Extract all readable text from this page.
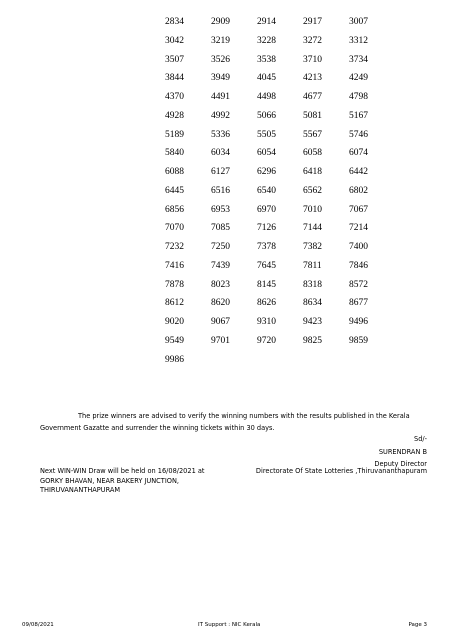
2834	2909	2914	2917	3007
3042	3219	3228	3272	3312
3507	3526	3538	3710	3734
3844	3949	4045	4213	4249
4370	4491	4498	4677	4798
4928	4992	5066	5081	5167
5189	5336	5505	5567	5746
5840	6034	6054	6058	6074
6088	6127	6296	6418	6442
6445	6516	6540	6562	6802
6856	6953	6970	7010	7067
7070	7085	7126	7144	7214
7232	7250	7378	7382	7400
7416	7439	7645	7811	7846
7878	8023	8145	8318	8572
8612	8620	8626	8634	8677
9020	9067	9310	9423	9496
9549	9701	9720	9825	9859
9986
The prize winners are advised to verify the winning numbers with the results published in the Kerala
Government Gazatte and surrender the winning tickets within 30 days.
Sd/-
SURENDRAN B
Deputy Director
Directorate Of State Lotteries ,Thiruvananthapuram
Next WIN-WIN Draw will be held on 16/08/2021 at
GORKY BHAVAN, NEAR BAKERY JUNCTION,
THIRUVANANTHAPURAM
09/08/2021	IT Support : NIC Kerala	Page 3
